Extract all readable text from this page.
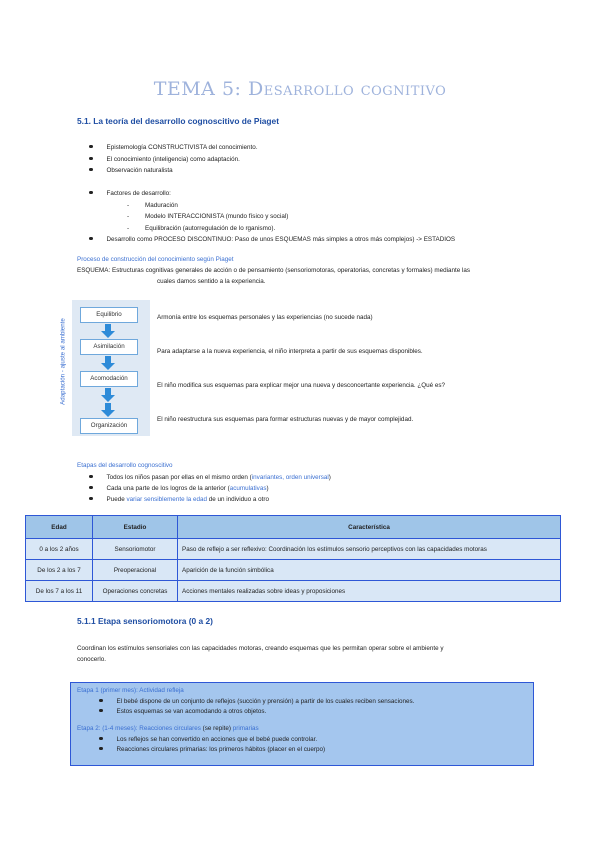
TEMA 5: Desarrollo cognitivo
5.1. La teoría del desarrollo cognoscitivo de Piaget
Epistemología CONSTRUCTIVISTA del conocimiento.
El conocimiento (inteligencia) como adaptación.
Observación naturalista
Factores de desarrollo:
-	Maduración
-	Modelo INTERACCIONISTA (mundo físico y social)
-	Equilibración (autorregulación de lo rganismo).
Desarrollo como PROCESO DISCONTINUO: Paso de unos ESQUEMAS más simples a otros más complejos) -> ESTADIOS
Proceso de construcción del conocimiento según Piaget
ESQUEMA: Estructuras cognitivas generales de acción o de pensamiento (sensoriomotoras, operatorias, concretas y formales) mediante las
cuales damos sentido a la experiencia.
Adaptación - ajuste al ambiente
Equilibrio
Asimilación
Acomodación
Organización
Armonía entre los esquemas personales y las experiencias (no sucede nada)
Para adaptarse a la nueva experiencia, el niño interpreta a partir de sus esquemas disponibles.
El niño modifica sus esquemas para explicar mejor una nueva y desconcertante experiencia. ¿Qué es?
El niño reestructura sus esquemas para formar estructuras nuevas y de mayor complejidad.
Etapas del desarrollo cognoscitivo
Todos los niños pasan por ellas en el mismo orden (invariantes, orden universal)
Cada una parte de los logros de la anterior (acumulativas)
Puede variar sensiblemente la edad de un individuo a otro
Edad	Estadio	Característica
0 a los 2 años	Sensoriomotor	Paso de reflejo a ser reflexivo: Coordinación los estímulos sensorio perceptivos con las capacidades motoras
De los 2 a los 7	Preoperacional	Aparición de la función simbólica
De los 7 a los 11	Operaciones concretas	Acciones mentales realizadas sobre ideas y proposiciones
5.1.1 Etapa sensoriomotora (0 a 2)
Coordinan los estímulos sensoriales con las capacidades motoras, creando esquemas que les permitan operar sobre el ambiente y
conocerlo.
Etapa 1 (primer mes): Actividad refleja
El bebé dispone de un conjunto de reflejos (succión y prensión) a partir de los cuales reciben sensaciones.
Estos esquemas se van acomodando a otros objetos.
Etapa 2: (1-4 meses): Reacciones circulares (se repite) primarias
Los reflejos se han convertido en acciones que el bebé puede controlar.
Reacciones circulares primarias: los primeros hábitos (placer en el cuerpo)
